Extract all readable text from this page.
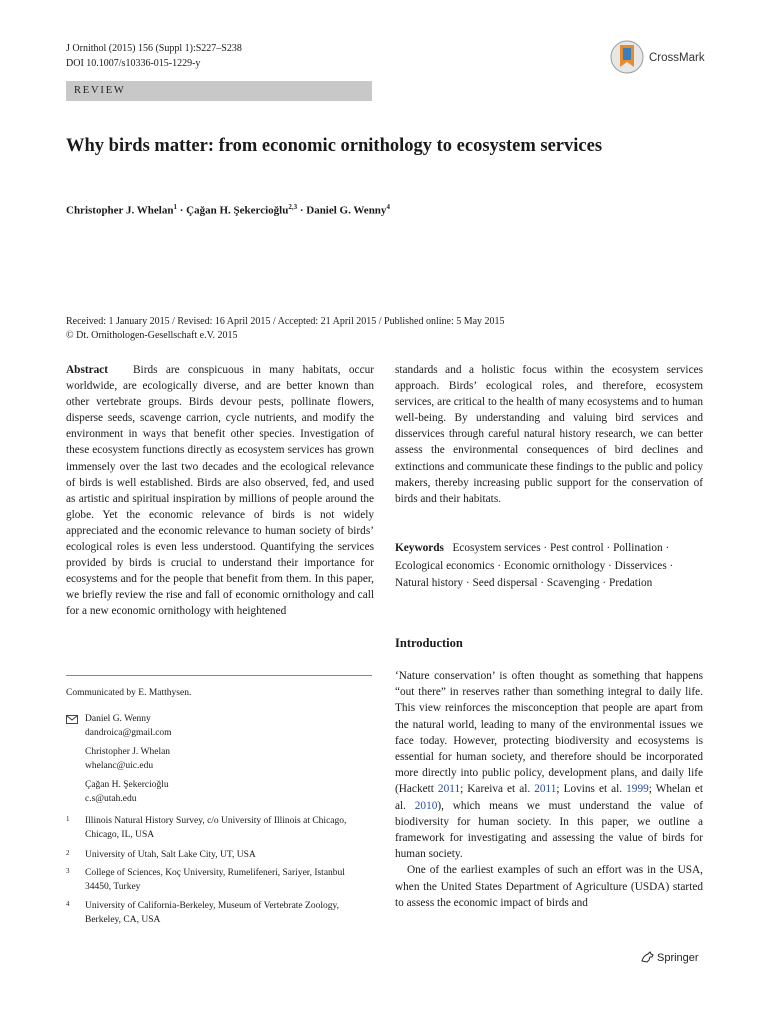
J Ornithol (2015) 156 (Suppl 1):S227–S238
DOI 10.1007/s10336-015-1229-y	CrossMark
REVIEW
Why birds matter: from economic ornithology to ecosystem services
Christopher J. Whelan$^1$ · Çağan H. Şekercioğlu$^{2,3}$ · Daniel G. Wenny$^4$
Received: 1 January 2015 / Revised: 16 April 2015 / Accepted: 21 April 2015 / Published online: 5 May 2015
© Dt. Ornithologen-Gesellschaft e.V. 2015
Abstract Birds are conspicuous in many habitats, occur worldwide, are ecologically diverse, and are better known than other vertebrate groups. Birds devour pests, pollinate flowers, disperse seeds, scavenge carrion, cycle nutrients, and modify the environment in ways that benefit other species. Investigation of these ecosystem functions directly as ecosystem services has grown immensely over the last two decades and the ecological relevance of birds is well established. Birds are also observed, fed, and used as artistic and spiritual inspiration by millions of people around the globe. Yet the economic relevance of birds is not widely appreciated and the economic relevance to human society of birds’ ecological roles is even less understood. Quantifying the services provided by birds is crucial to understand their importance for ecosystems and for the people that benefit from them. In this paper, we briefly review the rise and fall of economic ornithology and call for a new economic ornithology with heightened
standards and a holistic focus within the ecosystem services approach. Birds’ ecological roles, and therefore, ecosystem services, are critical to the health of many ecosystems and to human well-being. By understanding and valuing bird services and disservices through careful natural history research, we can better assess the environmental consequences of bird declines and extinctions and communicate these findings to the public and policy makers, thereby increasing public support for the conservation of birds and their habitats.
Keywords Ecosystem services · Pest control · Pollination · Ecological economics · Economic ornithology · Disservices · Natural history · Seed dispersal · Scavenging · Predation
Introduction

‘Nature conservation’ is often thought as something that happens “out there” in reserves rather than something integral to daily life. This view reinforces the misconception that people are apart from the natural world, leading to many of the environmental issues we face today. However, protecting biodiversity and ecosystems is essential for human society, and therefore should be incorporated more directly into public policy, development plans, and daily life (Hackett 2011; Kareiva et al. 2011; Lovins et al. 1999; Whelan et al. 2010), which means we must understand the value of biodiversity for human society. In this paper, we outline a framework for investigating and assessing the value of birds for human society.

One of the earliest examples of such an effort was in the USA, when the United States Department of Agriculture (USDA) started to assess the economic impact of birds and

Communicated by E. Matthysen.
Daniel G. Wenny
dandroica@gmail.com
Christopher J. Whelan
whelanc@uic.edu
Çağan H. Şekercioğlu
c.s@utah.edu
1 Illinois Natural History Survey, c/o University of Illinois at Chicago, Chicago, IL, USA
2 University of Utah, Salt Lake City, UT, USA
3 College of Sciences, Koç University, Rumelifeneri, Sariyer, Istanbul 34450, Turkey
4 University of California-Berkeley, Museum of Vertebrate Zoology, Berkeley, CA, USA
Springer
